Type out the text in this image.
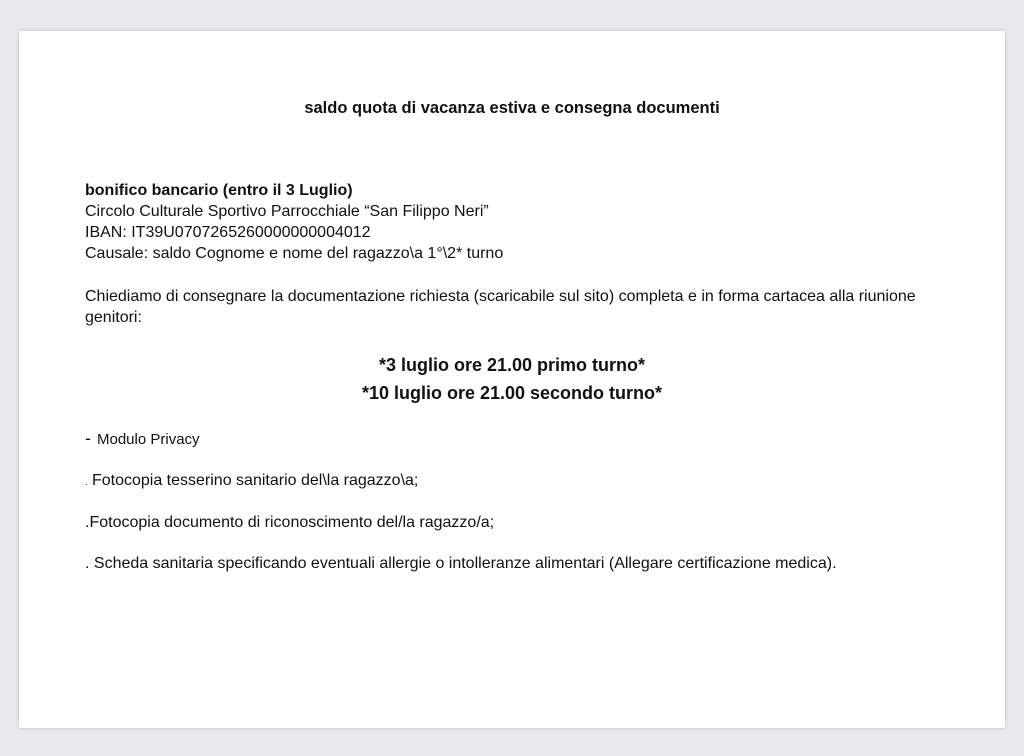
saldo quota di vacanza estiva e consegna documenti
bonifico bancario (entro il 3 Luglio)
Circolo Culturale Sportivo Parrocchiale “San Filippo Neri”
IBAN: IT39U0707265260000000004012
Causale: saldo Cognome e nome del ragazzo\a 1°\2* turno
Chiediamo di consegnare la documentazione richiesta (scaricabile sul sito) completa e in forma cartacea alla riunione genitori:
*3 luglio ore 21.00 primo turno*
*10 luglio ore 21.00 secondo turno*
- Modulo Privacy
. Fotocopia tesserino sanitario del\la ragazzo\a;
.Fotocopia documento di riconoscimento del/la ragazzo/a;
. Scheda sanitaria specificando eventuali allergie o intolleranze alimentari (Allegare certificazione medica).
